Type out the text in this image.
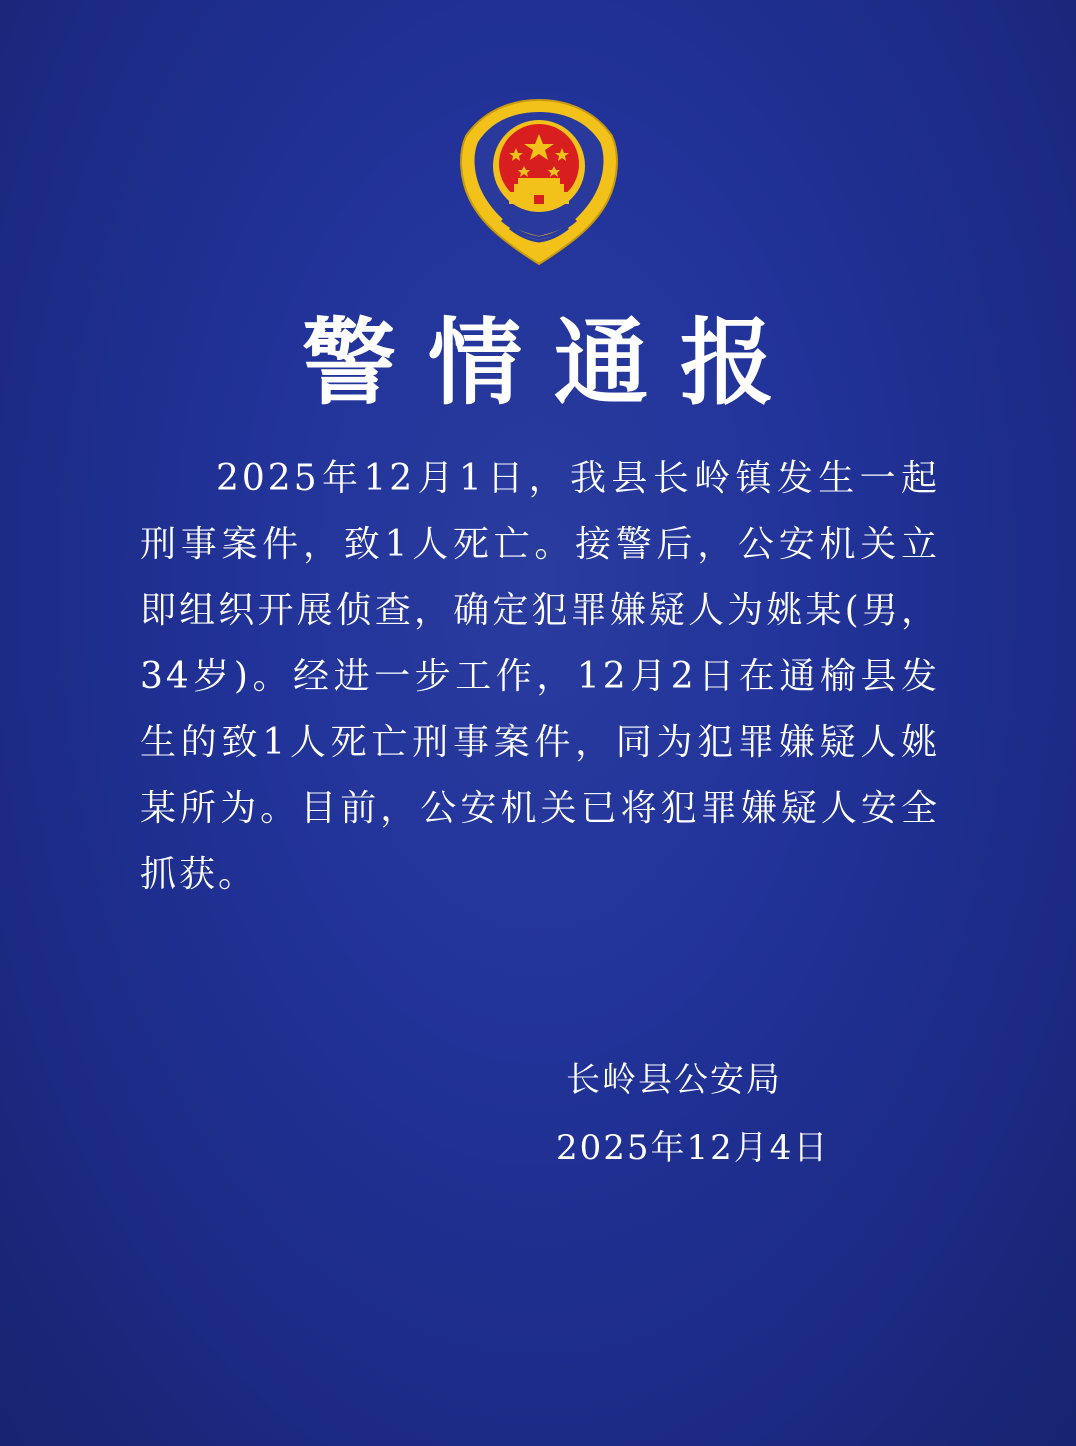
警情通报
2025年12月1日，我县长岭镇发生一起刑事案件，致1人死亡。接警后，公安机关立即组织开展侦查，确定犯罪嫌疑人为姚某(男，34岁)。经进一步工作，12月2日在通榆县发生的致1人死亡刑事案件，同为犯罪嫌疑人姚某所为。目前，公安机关已将犯罪嫌疑人安全抓获。
长岭县公安局
2025年12月4日
